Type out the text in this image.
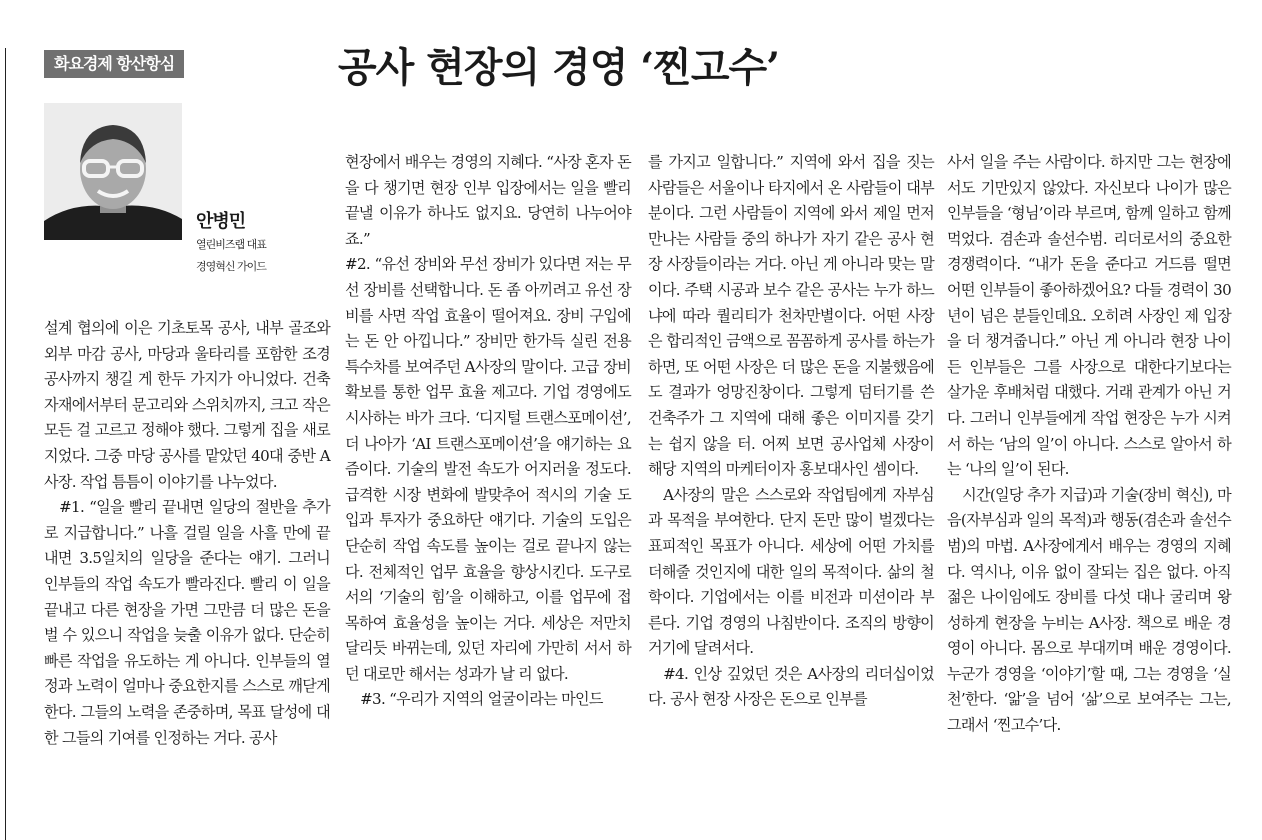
화요경제 항산항심	공사 현장의 경영 ‘찐고수’
안병민
열린비즈랩 대표
경영혁신 가이드

설계 협의에 이은 기초토목 공사, 내부 골조와 외부 마감 공사, 마당과 울타리를 포함한 조경 공사까지 챙길 게 한두 가지가 아니었다. 건축 자재에서부터 문고리와 스위치까지, 크고 작은 모든 걸 고르고 정해야 했다. 그렇게 집을 새로 지었다. 그중 마당 공사를 맡았던 40대 중반 A사장. 작업 틈틈이 이야기를 나누었다.

#1. “일을 빨리 끝내면 일당의 절반을 추가로 지급합니다.” 나흘 걸릴 일을 사흘 만에 끝내면 3.5일치의 일당을 준다는 얘기. 그러니 인부들의 작업 속도가 빨라진다. 빨리 이 일을 끝내고 다른 현장을 가면 그만큼 더 많은 돈을 벌 수 있으니 작업을 늦출 이유가 없다. 단순히 빠른 작업을 유도하는 게 아니다. 인부들의 열정과 노력이 얼마나 중요한지를 스스로 깨닫게 한다. 그들의 노력을 존중하며, 목표 달성에 대한 그들의 기여를 인정하는 거다. 공사

현장에서 배우는 경영의 지혜다. “사장 혼자 돈을 다 챙기면 현장 인부 입장에서는 일을 빨리 끝낼 이유가 하나도 없지요. 당연히 나누어야죠.”

#2. “유선 장비와 무선 장비가 있다면 저는 무선 장비를 선택합니다. 돈 좀 아끼려고 유선 장비를 사면 작업 효율이 떨어져요. 장비 구입에는 돈 안 아낍니다.” 장비만 한가득 실린 전용 특수차를 보여주던 A사장의 말이다. 고급 장비 확보를 통한 업무 효율 제고다. 기업 경영에도 시사하는 바가 크다. ‘디지털 트랜스포메이션’, 더 나아가 ‘AI 트랜스포메이션’을 얘기하는 요즘이다. 기술의 발전 속도가 어지러울 정도다. 급격한 시장 변화에 발맞추어 적시의 기술 도입과 투자가 중요하단 얘기다. 기술의 도입은 단순히 작업 속도를 높이는 걸로 끝나지 않는다. 전체적인 업무 효율을 향상시킨다. 도구로서의 ‘기술의 힘’을 이해하고, 이를 업무에 접목하여 효율성을 높이는 거다. 세상은 저만치 달리듯 바뀌는데, 있던 자리에 가만히 서서 하던 대로만 해서는 성과가 날 리 없다.

#3. “우리가 지역의 얼굴이라는 마인드

를 가지고 일합니다.” 지역에 와서 집을 짓는 사람들은 서울이나 타지에서 온 사람들이 대부분이다. 그런 사람들이 지역에 와서 제일 먼저 만나는 사람들 중의 하나가 자기 같은 공사 현장 사장들이라는 거다. 아닌 게 아니라 맞는 말이다. 주택 시공과 보수 같은 공사는 누가 하느냐에 따라 퀄리티가 천차만별이다. 어떤 사장은 합리적인 금액으로 꼼꼼하게 공사를 하는가 하면, 또 어떤 사장은 더 많은 돈을 지불했음에도 결과가 엉망진창이다. 그렇게 덤터기를 쓴 건축주가 그 지역에 대해 좋은 이미지를 갖기는 쉽지 않을 터. 어찌 보면 공사업체 사장이 해당 지역의 마케터이자 홍보대사인 셈이다.

A사장의 말은 스스로와 작업팀에게 자부심과 목적을 부여한다. 단지 돈만 많이 벌겠다는 표피적인 목표가 아니다. 세상에 어떤 가치를 더해줄 것인지에 대한 일의 목적이다. 삶의 철학이다. 기업에서는 이를 비전과 미션이라 부른다. 기업 경영의 나침반이다. 조직의 방향이 거기에 달려서다.

#4. 인상 깊었던 것은 A사장의 리더십이었다. 공사 현장 사장은 돈으로 인부를

사서 일을 주는 사람이다. 하지만 그는 현장에서도 기만있지 않았다. 자신보다 나이가 많은 인부들을 ‘형님’이라 부르며, 함께 일하고 함께 먹었다. 겸손과 솔선수범. 리더로서의 중요한 경쟁력이다. “내가 돈을 준다고 거드름 떨면 어떤 인부들이 좋아하겠어요? 다들 경력이 30년이 넘은 분들인데요. 오히려 사장인 제 입장을 더 챙겨줍니다.” 아닌 게 아니라 현장 나이 든 인부들은 그를 사장으로 대한다기보다는 살가운 후배처럼 대했다. 거래 관계가 아닌 거다. 그러니 인부들에게 작업 현장은 누가 시켜서 하는 ‘남의 일’이 아니다. 스스로 알아서 하는 ‘나의 일’이 된다.

시간(일당 추가 지급)과 기술(장비 혁신), 마음(자부심과 일의 목적)과 행동(겸손과 솔선수범)의 마법. A사장에게서 배우는 경영의 지혜다. 역시나, 이유 없이 잘되는 집은 없다. 아직 젊은 나이임에도 장비를 다섯 대나 굴리며 왕성하게 현장을 누비는 A사장. 책으로 배운 경영이 아니다. 몸으로 부대끼며 배운 경영이다. 누군가 경영을 ‘이야기’할 때, 그는 경영을 ‘실천’한다. ‘앎’을 넘어 ‘삶’으로 보여주는 그는, 그래서 ‘찐고수’다.
